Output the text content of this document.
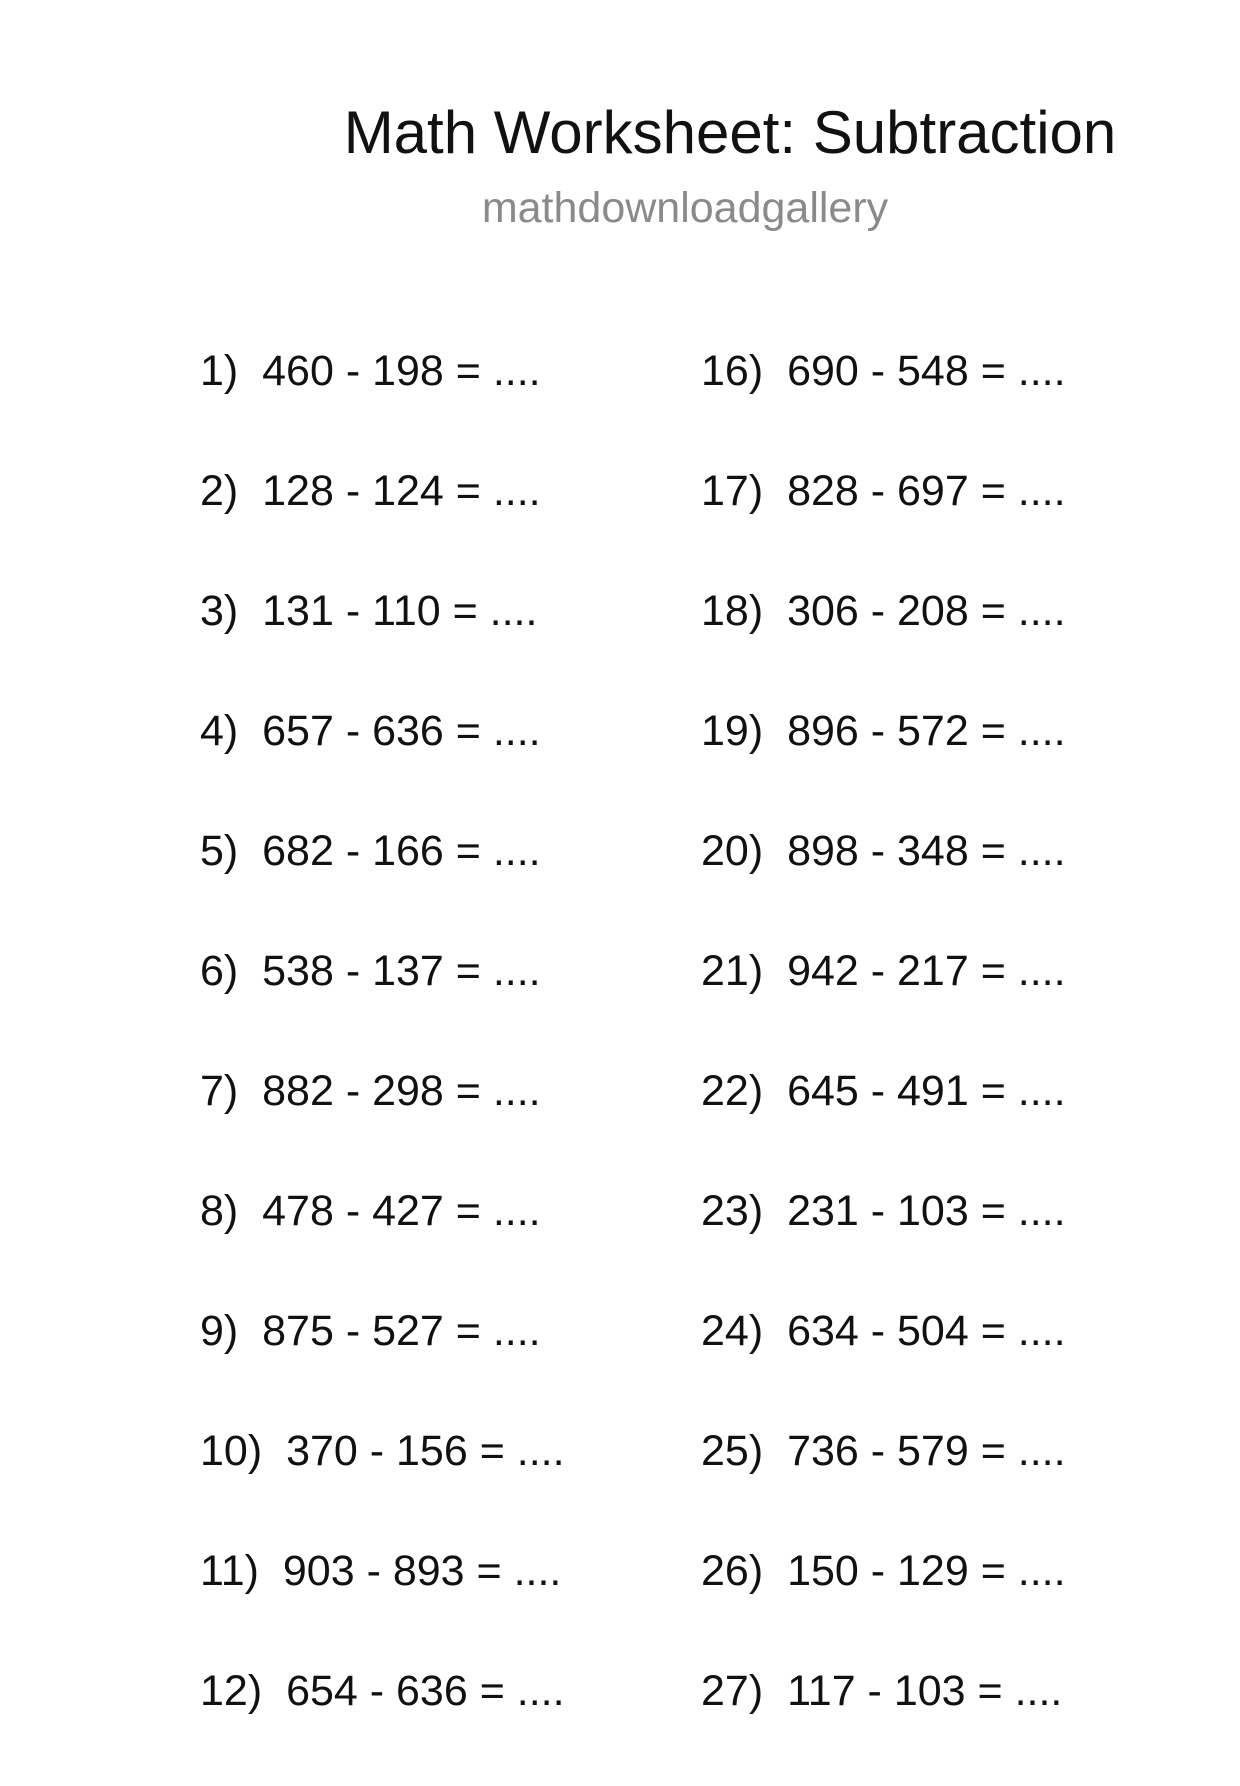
Math Worksheet: Subtraction
mathdownloadgallery
1) 460 - 198 = ....
2) 128 - 124 = ....
3) 131 - 110 = ....
4) 657 - 636 = ....
5) 682 - 166 = ....
6) 538 - 137 = ....
7) 882 - 298 = ....
8) 478 - 427 = ....
9) 875 - 527 = ....
10) 370 - 156 = ....
11) 903 - 893 = ....
12) 654 - 636 = ....
16) 690 - 548 = ....
17) 828 - 697 = ....
18) 306 - 208 = ....
19) 896 - 572 = ....
20) 898 - 348 = ....
21) 942 - 217 = ....
22) 645 - 491 = ....
23) 231 - 103 = ....
24) 634 - 504 = ....
25) 736 - 579 = ....
26) 150 - 129 = ....
27) 117 - 103 = ....
